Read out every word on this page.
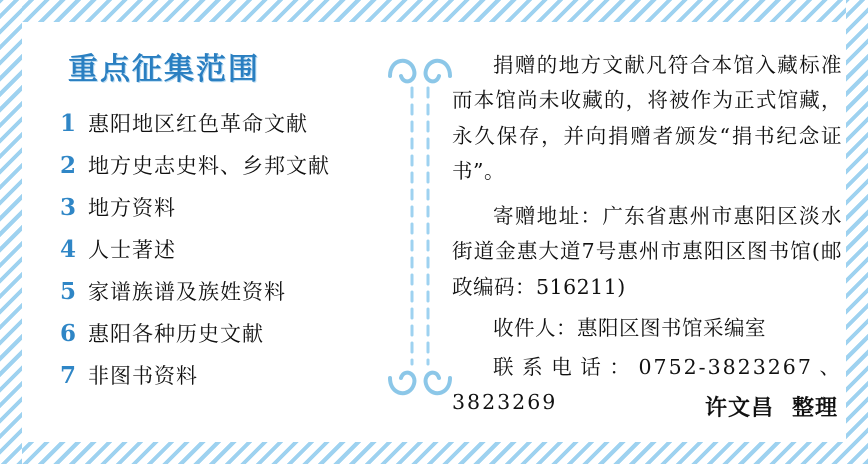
重点征集范围
1 惠阳地区红色革命文献
2 地方史志史料、乡邦文献
3 地方资料
4 人士著述
5 家谱族谱及族姓资料
6 惠阳各种历史文献
7 非图书资料

捐赠的地方文献凡符合本馆入藏标准而本馆尚未收藏的，将被作为正式馆藏，永久保存，并向捐赠者颁发“捐书纪念证书”。

寄赠地址：广东省惠州市惠阳区淡水街道金惠大道7号惠州市惠阳区图书馆(邮政编码：516211)

收件人：惠阳区图书馆采编室

联系电话：0752-3823267、3823269	许文昌 整理
